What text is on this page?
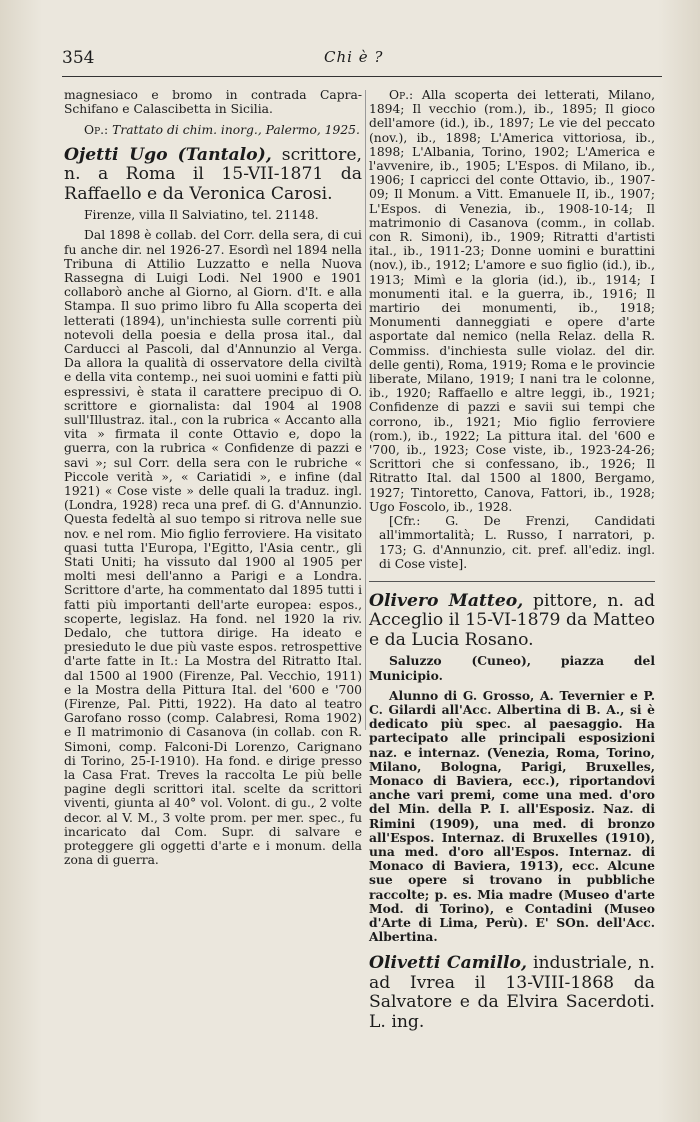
354	Chi è ?

magnesiaco e bromo in contrada Capra-Schifano e Calascibetta in Sicilia.

Op.: Trattato di chim. inorg., Palermo, 1925.

Ojetti Ugo (Tantalo), scrittore, n. a Roma il 15-VII-1871 da Raffaello e da Veronica Carosi.

Firenze, villa Il Salviatino, tel. 21148.

Dal 1898 è collab. del Corr. della sera, di cui fu anche dir. nel 1926-27. Esordì nel 1894 nella Tribuna di Attilio Luzzatto e nella Nuova Rassegna di Luigi Lodi. Nel 1900 e 1901 collaborò anche al Giorno, al Giorn. d'It. e alla Stampa. Il suo primo libro fu Alla scoperta dei letterati (1894), un'inchiesta sulle correnti più notevoli della poesia e della prosa ital., dal Carducci al Pascoli, dal d'Annunzio al Verga. Da allora la qualità di osservatore della civiltà e della vita contemp., nei suoi uomini e fatti più espressivi, è stata il carattere precipuo di O. scrittore e giornalista: dal 1904 al 1908 sull'Illustraz. ital., con la rubrica « Accanto alla vita » firmata il conte Ottavio e, dopo la guerra, con la rubrica « Confidenze di pazzi e savi »; sul Corr. della sera con le rubriche « Piccole verità », « Cariatidi », e infine (dal 1921) « Cose viste » delle quali la traduz. ingl. (Londra, 1928) reca una pref. di G. d'Annunzio. Questa fedeltà al suo tempo si ritrova nelle sue nov. e nel rom. Mio figlio ferroviere. Ha visitato quasi tutta l'Europa, l'Egitto, l'Asia centr., gli Stati Uniti; ha vissuto dal 1900 al 1905 per molti mesi dell'anno a Parigi e a Londra. Scrittore d'arte, ha commentato dal 1895 tutti i fatti più importanti dell'arte europea: espos., scoperte, legislaz. Ha fond. nel 1920 la riv. Dedalo, che tuttora dirige. Ha ideato e presieduto le due più vaste espos. retrospettive d'arte fatte in It.: La Mostra del Ritratto Ital. dal 1500 al 1900 (Firenze, Pal. Vecchio, 1911) e la Mostra della Pittura Ital. del '600 e '700 (Firenze, Pal. Pitti, 1922). Ha dato al teatro Garofano rosso (comp. Calabresi, Roma 1902) e Il matrimonio di Casanova (in collab. con R. Simoni, comp. Falconi-Di Lorenzo, Carignano di Torino, 25-I-1910). Ha fond. e dirige presso la Casa Frat. Treves la raccolta Le più belle pagine degli scrittori ital. scelte da scrittori viventi, giunta al 40° vol. Volont. di gu., 2 volte decor. al V. M., 3 volte prom. per mer. spec., fu incaricato dal Com. Supr. di salvare e proteggere gli oggetti d'arte e i monum. della zona di guerra.

Op.: Alla scoperta dei letterati, Milano, 1894; Il vecchio (rom.), ib., 1895; Il gioco dell'amore (id.), ib., 1897; Le vie del peccato (nov.), ib., 1898; L'America vittoriosa, ib., 1898; L'Albania, Torino, 1902; L'America e l'avvenire, ib., 1905; L'Espos. di Milano, ib., 1906; I capricci del conte Ottavio, ib., 1907-09; Il Monum. a Vitt. Emanuele II, ib., 1907; L'Espos. di Venezia, ib., 1908-10-14; Il matrimonio di Casanova (comm., in collab. con R. Simoni), ib., 1909; Ritratti d'artisti ital., ib., 1911-23; Donne uomini e burattini (nov.), ib., 1912; L'amore e suo figlio (id.), ib., 1913; Mimì e la gloria (id.), ib., 1914; I monumenti ital. e la guerra, ib., 1916; Il martirio dei monumenti, ib., 1918; Monumenti danneggiati e opere d'arte asportate dal nemico (nella Relaz. della R. Commiss. d'inchiesta sulle violaz. del dir. delle genti), Roma, 1919; Roma e le provincie liberate, Milano, 1919; I nani tra le colonne, ib., 1920; Raffaello e altre leggi, ib., 1921; Confidenze di pazzi e savii sui tempi che corrono, ib., 1921; Mio figlio ferroviere (rom.), ib., 1922; La pittura ital. del '600 e '700, ib., 1923; Cose viste, ib., 1923-24-26; Scrittori che si confessano, ib., 1926; Il Ritratto Ital. dal 1500 al 1800, Bergamo, 1927; Tintoretto, Canova, Fattori, ib., 1928; Ugo Foscolo, ib., 1928.

[Cfr.: G. De Frenzi, Candidati all'immortalità; L. Russo, I narratori, p. 173; G. d'Annunzio, cit. pref. all'ediz. ingl. di Cose viste].

Olivero Matteo, pittore, n. ad Acceglio il 15-VI-1879 da Matteo e da Lucia Rosano.

Saluzzo (Cuneo), piazza del Municipio.

Alunno di G. Grosso, A. Tevernier e P. C. Gilardi all'Acc. Albertina di B. A., si è dedicato più spec. al paesaggio. Ha partecipato alle principali esposizioni naz. e internaz. (Venezia, Roma, Torino, Milano, Bologna, Parigi, Bruxelles, Monaco di Baviera, ecc.), riportandovi anche vari premi, come una med. d'oro del Min. della P. I. all'Esposiz. Naz. di Rimini (1909), una med. di bronzo all'Espos. Internaz. di Bruxelles (1910), una med. d'oro all'Espos. Internaz. di Monaco di Baviera, 1913), ecc. Alcune sue opere si trovano in pubbliche raccolte; p. es. Mia madre (Museo d'arte Mod. di Torino), e Contadini (Museo d'Arte di Lima, Perù). E' SOn. dell'Acc. Albertina.

Olivetti Camillo, industriale, n. ad Ivrea il 13-VIII-1868 da Salvatore e da Elvira Sacerdoti. L. ing.
